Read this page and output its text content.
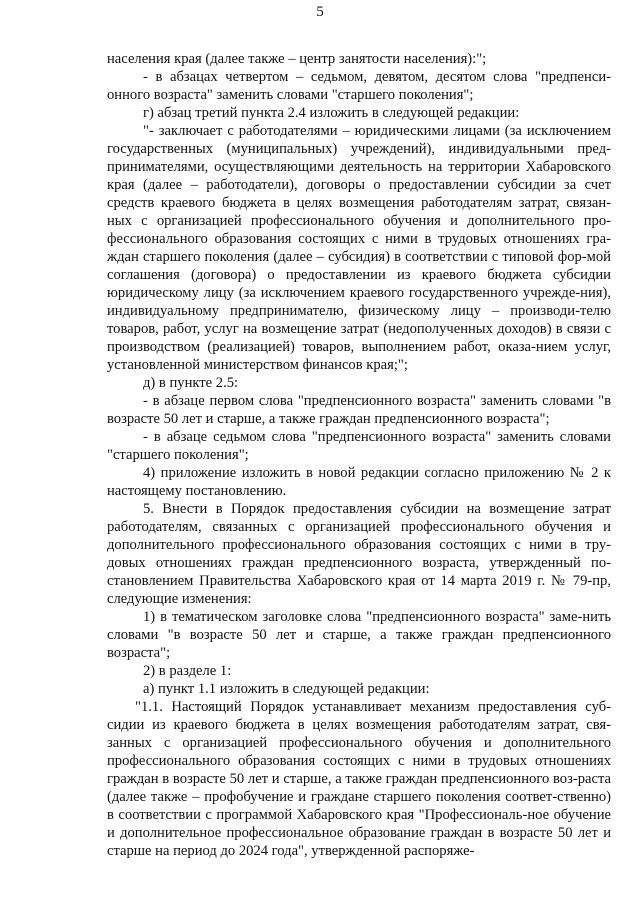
5

населения края (далее также – центр занятости населения):";

- в абзацах четвертом – седьмом, девятом, десятом слова "предпенси-онного возраста" заменить словами "старшего поколения";

г) абзац третий пункта 2.4 изложить в следующей редакции:

"- заключает с работодателями – юридическими лицами (за исключением государственных (муниципальных) учреждений), индивидуальными пред-принимателями, осуществляющими деятельность на территории Хабаровского края (далее – работодатели), договоры о предоставлении субсидии за счет средств краевого бюджета в целях возмещения работодателям затрат, связан-ных с организацией профессионального обучения и дополнительного про-фессионального образования состоящих с ними в трудовых отношениях гра-ждан старшего поколения (далее – субсидия) в соответствии с типовой фор-мой соглашения (договора) о предоставлении из краевого бюджета субсидии юридическому лицу (за исключением краевого государственного учрежде-ния), индивидуальному предпринимателю, физическому лицу – производи-телю товаров, работ, услуг на возмещение затрат (недополученных доходов) в связи с производством (реализацией) товаров, выполнением работ, оказа-нием услуг, установленной министерством финансов края;";

д) в пункте 2.5:

- в абзаце первом слова "предпенсионного возраста" заменить словами "в возрасте 50 лет и старше, а также граждан предпенсионного возраста";

- в абзаце седьмом слова "предпенсионного возраста" заменить словами "старшего поколения";

4) приложение изложить в новой редакции согласно приложению № 2 к настоящему постановлению.

5. Внести в Порядок предоставления субсидии на возмещение затрат работодателям, связанных с организацией профессионального обучения и дополнительного профессионального образования состоящих с ними в тру-довых отношениях граждан предпенсионного возраста, утвержденный по-становлением Правительства Хабаровского края от 14 марта 2019 г. № 79-пр, следующие изменения:

1) в тематическом заголовке слова "предпенсионного возраста" заме-нить словами "в возрасте 50 лет и старше, а также граждан предпенсионного возраста";

2) в разделе 1:

а) пункт 1.1 изложить в следующей редакции:

"1.1. Настоящий Порядок устанавливает механизм предоставления суб-сидии из краевого бюджета в целях возмещения работодателям затрат, свя-занных с организацией профессионального обучения и дополнительного профессионального образования состоящих с ними в трудовых отношениях граждан в возрасте 50 лет и старше, а также граждан предпенсионного воз-раста (далее также – профобучение и граждане старшего поколения соответ-ственно) в соответствии с программой Хабаровского края "Профессиональ-ное обучение и дополнительное профессиональное образование граждан в возрасте 50 лет и старше на период до 2024 года", утвержденной распоряже-
